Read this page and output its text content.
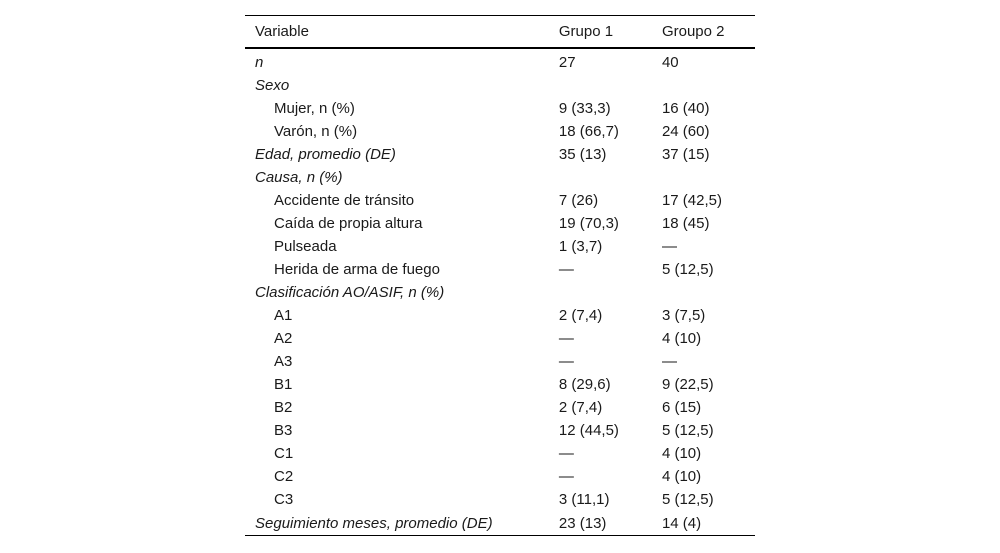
Variable	Grupo 1	Groupo 2
n	27	40
Sexo		
Mujer, n (%)	9 (33,3)	16 (40)
Varón, n (%)	18 (66,7)	24 (60)
Edad, promedio (DE)	35 (13)	37 (15)
Causa, n (%)		
Accidente de tránsito	7 (26)	17 (42,5)
Caída de propia altura	19 (70,3)	18 (45)
Pulseada	1 (3,7)	—
Herida de arma de fuego	—	5 (12,5)
Clasificación AO/ASIF, n (%)		
A1	2 (7,4)	3 (7,5)
A2	—	4 (10)
A3	—	—
B1	8 (29,6)	9 (22,5)
B2	2 (7,4)	6 (15)
B3	12 (44,5)	5 (12,5)
C1	—	4 (10)
C2	—	4 (10)
C3	3 (11,1)	5 (12,5)
Seguimiento meses, promedio (DE)	23 (13)	14 (4)
